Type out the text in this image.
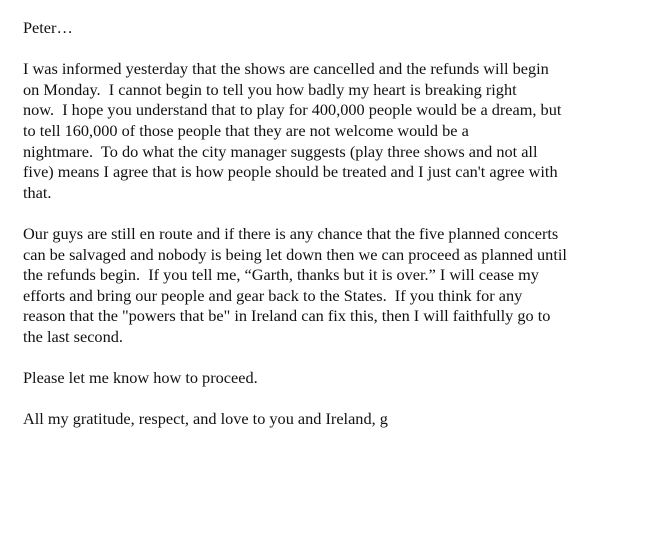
Peter…
I was informed yesterday that the shows are cancelled and the refunds will begin
on Monday.  I cannot begin to tell you how badly my heart is breaking right
now.  I hope you understand that to play for 400,000 people would be a dream, but
to tell 160,000 of those people that they are not welcome would be a
nightmare.  To do what the city manager suggests (play three shows and not all
five) means I agree that is how people should be treated and I just can't agree with
that.
Our guys are still en route and if there is any chance that the five planned concerts
can be salvaged and nobody is being let down then we can proceed as planned until
the refunds begin.  If you tell me, “Garth, thanks but it is over.” I will cease my
efforts and bring our people and gear back to the States.  If you think for any
reason that the "powers that be" in Ireland can fix this, then I will faithfully go to
the last second.
Please let me know how to proceed.
All my gratitude, respect, and love to you and Ireland, g
